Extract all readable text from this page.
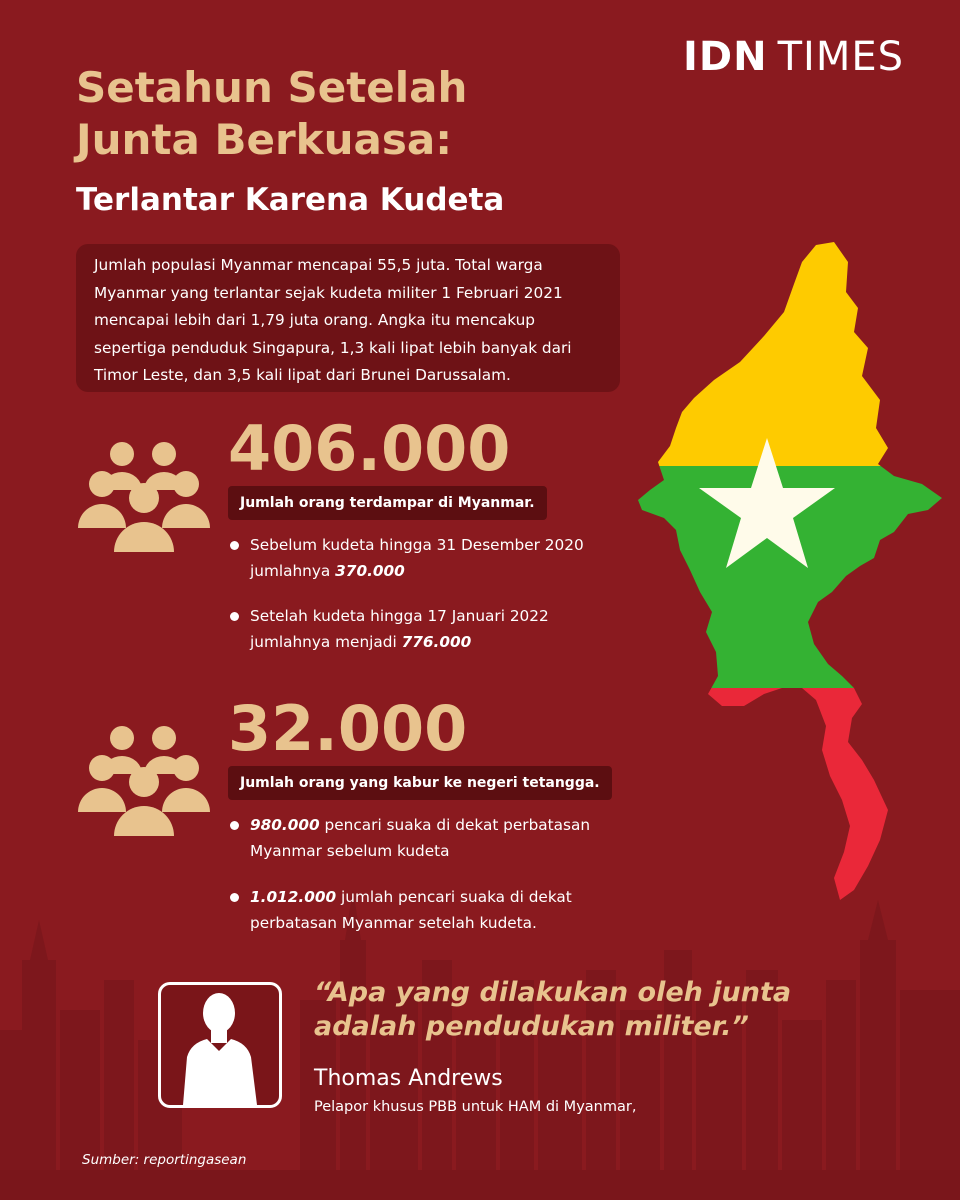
IDN TIMES
Setahun Setelah
Junta Berkuasa:
Terlantar Karena Kudeta
Jumlah populasi Myanmar mencapai 55,5 juta. Total warga Myanmar yang terlantar sejak kudeta militer 1 Februari 2021 mencapai lebih dari 1,79 juta orang. Angka itu mencakup sepertiga penduduk Singapura, 1,3 kali lipat lebih banyak dari Timor Leste, dan 3,5 kali lipat dari Brunei Darussalam.
406.000
Jumlah orang terdampar di Myanmar.
Sebelum kudeta hingga 31 Desember 2020 jumlahnya 370.000
Setelah kudeta hingga 17 Januari 2022 jumlahnya menjadi 776.000
32.000
Jumlah orang yang kabur ke negeri tetangga.
980.000 pencari suaka di dekat perbatasan Myanmar sebelum kudeta
1.012.000 jumlah pencari suaka di dekat perbatasan Myanmar setelah kudeta.
“Apa yang dilakukan oleh junta adalah pendudukan militer.”
Thomas Andrews
Pelapor khusus PBB untuk HAM di Myanmar,
Sumber: reportingasean
